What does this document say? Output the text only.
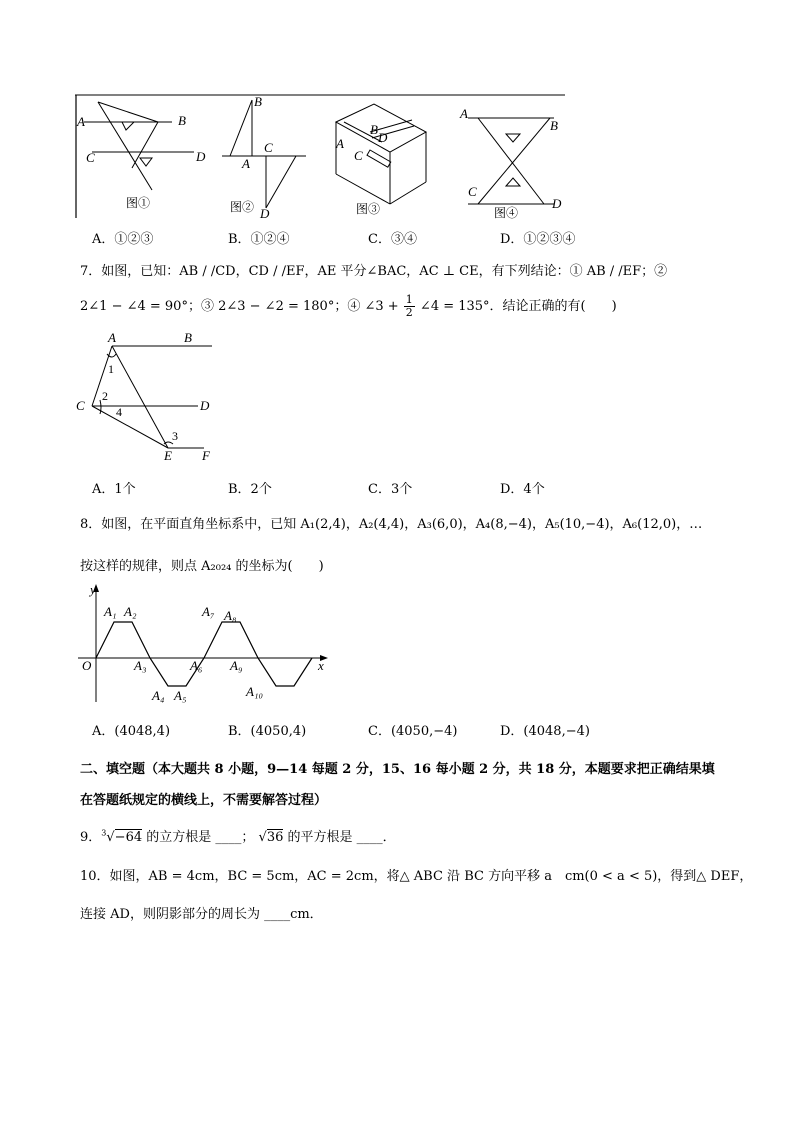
A	B
C	D
B
A
C
D
B
D
A
C
A
B
C
D
图①	图②	图③	图④
A．①②③	B．①②④	C．③④	D．①②③④
7．如图，已知：AB / /CD，CD / /EF，AE 平分∠BAC，AC ⊥ CE，有下列结论：① AB / /EF；②
2∠1 − ∠4 = 90°；③ 2∠3 − ∠2 = 180°；④ ∠3 + $\frac{1}{2}$ ∠4 = 135°．结论正确的有(　　)
A	B
C	D
E F
1
2
3
4
A．1个	B．2个	C．3个	D．4个
8．如图，在平面直角坐标系中，已知 A₁(2,4)，A₂(4,4)，A₃(6,0)，A₄(8,−4)，A₅(10,−4)，A₆(12,0)，…
按这样的规律，则点 A₂₀₂₄ 的坐标为(　　)
y
x
O
A₁ A₂
A₃
A₄ A₅
A₆
A₇ A₈
A₉
A₁₀
A．(4048,4)	B．(4050,4)	C．(4050,−4)	D．(4048,−4)
二、填空题（本大题共 8 小题，9—14 每题 2 分，15、16 每小题 2 分，共 18 分，本题要求把正确结果填
在答题纸规定的横线上，不需要解答过程）
9．$^3$√−64 的立方根是 ____； √36 的平方根是 ____．
10．如图，AB = 4cm，BC = 5cm，AC = 2cm，将△ ABC 沿 BC 方向平移 a　cm(0 < a < 5)，得到△ DEF，
连接 AD，则阴影部分的周长为 ____cm．
